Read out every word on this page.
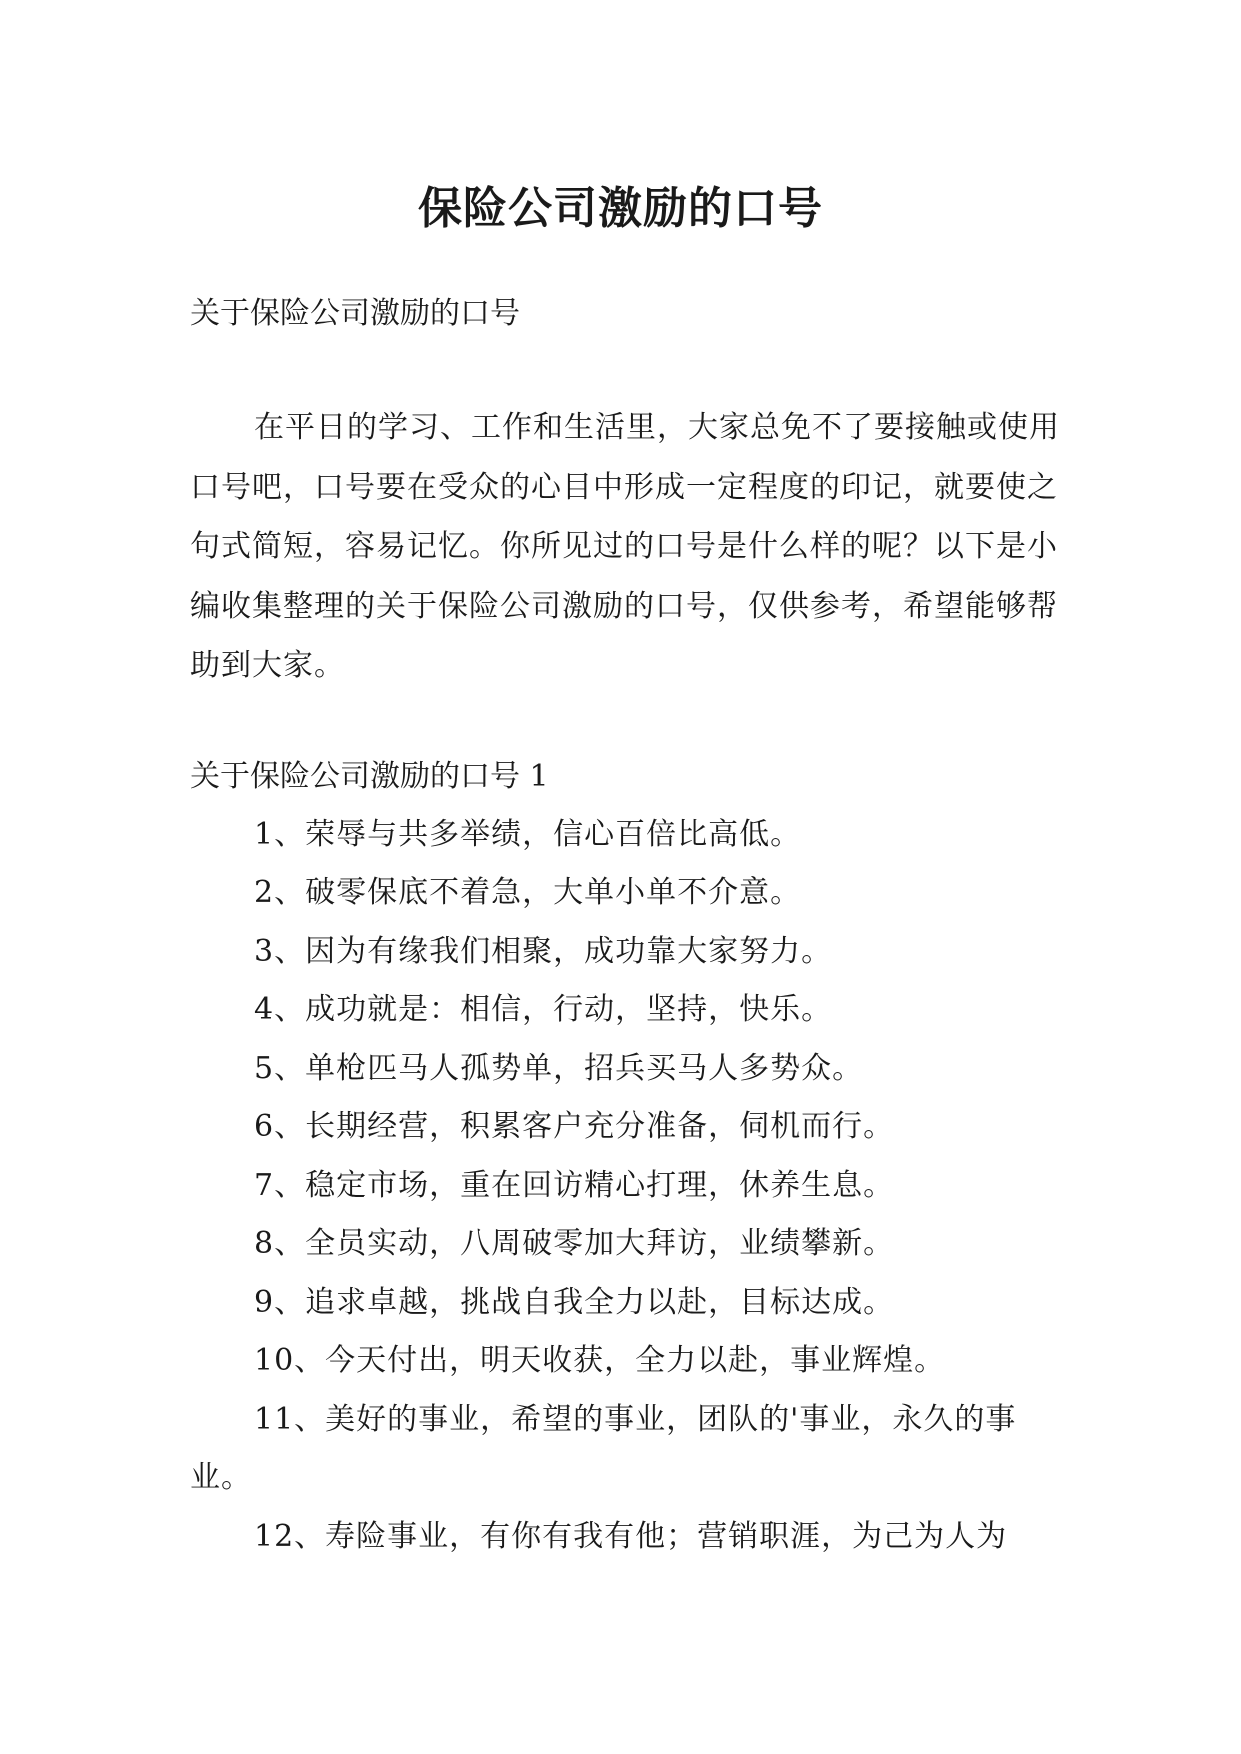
保险公司激励的口号

关于保险公司激励的口号

在平日的学习、工作和生活里，大家总免不了要接触或使用口号吧，口号要在受众的心目中形成一定程度的印记，就要使之句式简短，容易记忆。你所见过的口号是什么样的呢？以下是小编收集整理的关于保险公司激励的口号，仅供参考，希望能够帮助到大家。

关于保险公司激励的口号 1

1、荣辱与共多举绩，信心百倍比高低。
2、破零保底不着急，大单小单不介意。
3、因为有缘我们相聚，成功靠大家努力。
4、成功就是：相信，行动，坚持，快乐。
5、单枪匹马人孤势单，招兵买马人多势众。
6、长期经营，积累客户充分准备，伺机而行。
7、稳定市场，重在回访精心打理，休养生息。
8、全员实动，八周破零加大拜访，业绩攀新。
9、追求卓越，挑战自我全力以赴，目标达成。
10、今天付出，明天收获，全力以赴，事业辉煌。
11、美好的事业，希望的事业，团队的'事业，永久的事业。
12、寿险事业，有你有我有他；营销职涯，为己为人为
